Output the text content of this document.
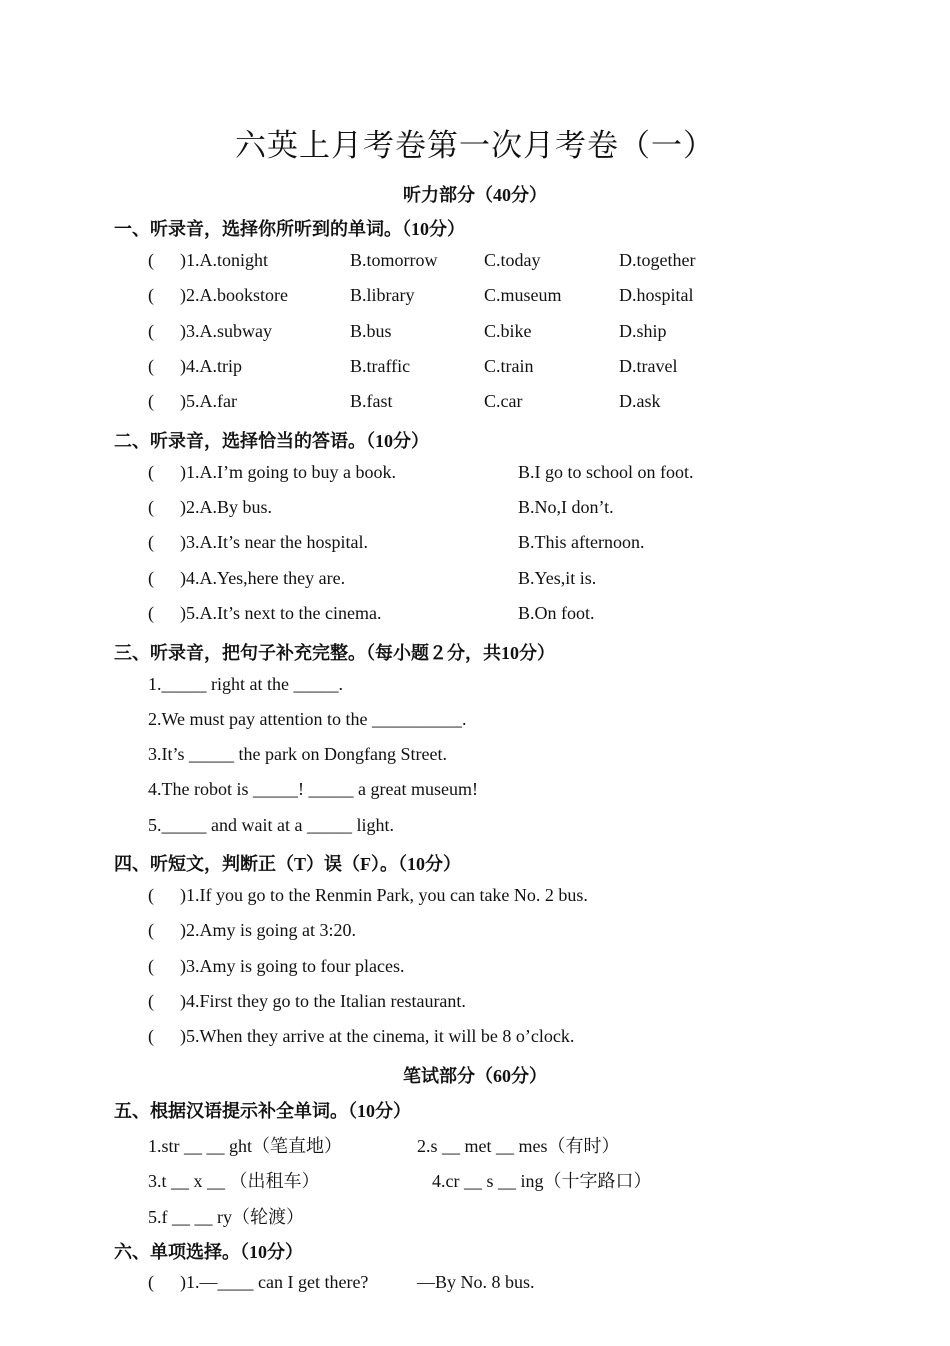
六英上月考卷第一次月考卷（一）
听力部分（40分）
一、听录音，选择你所听到的单词。（10分）
( )1.A.tonight	B.tomorrow	C.today	D.together
( )2.A.bookstore	B.library	C.museum	D.hospital
( )3.A.subway	B.bus	C.bike	D.ship
( )4.A.trip	B.traffic	C.train	D.travel
( )5.A.far	B.fast	C.car	D.ask
二、听录音，选择恰当的答语。（10分）
( )1.A.I’m going to buy a book.	B.I go to school on foot.
( )2.A.By bus.	B.No,I don’t.
( )3.A.It’s near the hospital.	B.This afternoon.
( )4.A.Yes,here they are.	B.Yes,it is.
( )5.A.It’s next to the cinema.	B.On foot.
三、听录音，把句子补充完整。（每小题２分，共10分）
1._____ right at the _____.
2.We must pay attention to the __________.
3.It’s _____ the park on Dongfang Street.
4.The robot is _____! _____ a great museum!
5._____ and wait at a _____ light.
四、听短文，判断正（T）误（F）。（10分）
( )1.If you go to the Renmin Park, you can take No. 2 bus.
( )2.Amy is going at 3:20.
( )3.Amy is going to four places.
( )4.First they go to the Italian restaurant.
( )5.When they arrive at the cinema, it will be 8 o’clock.
笔试部分（60分）
五、根据汉语提示补全单词。（10分）
1.str __ __ ght（笔直地）	2.s __ met __ mes（有时）
3.t __ x __ （出租车）	4.cr __ s __ ing（十字路口）
5.f __ __ ry（轮渡）
六、单项选择。（10分）
( )1.—____ can I get there?	—By No. 8 bus.
